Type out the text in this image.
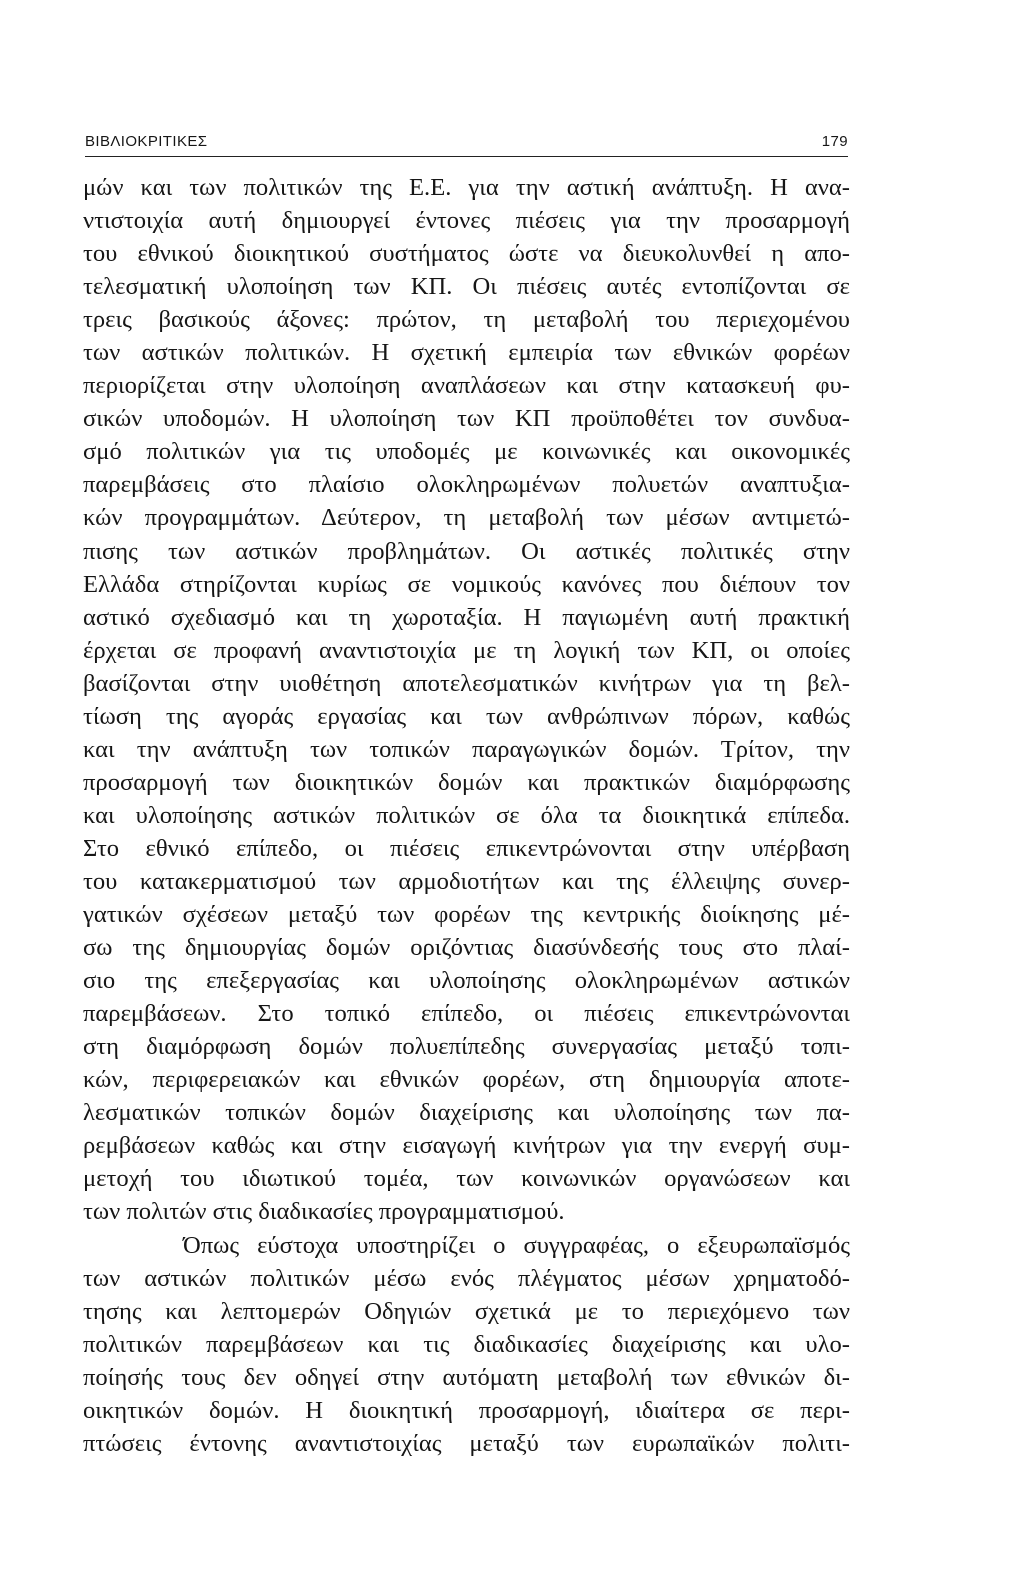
ΒΙΒΛΙΟΚΡΙΤΙΚΕΣ	179
μών και των πολιτικών της Ε.Ε. για την αστική ανάπτυξη. Η ανα-
ντιστοιχία αυτή δημιουργεί έντονες πιέσεις για την προσαρμογή
του εθνικού διοικητικού συστήματος ώστε να διευκολυνθεί η απο-
τελεσματική υλοποίηση των ΚΠ. Οι πιέσεις αυτές εντοπίζονται σε
τρεις βασικούς άξονες: πρώτον, τη μεταβολή του περιεχομένου
των αστικών πολιτικών. Η σχετική εμπειρία των εθνικών φορέων
περιορίζεται στην υλοποίηση αναπλάσεων και στην κατασκευή φυ-
σικών υποδομών. Η υλοποίηση των ΚΠ προϋποθέτει τον συνδυα-
σμό πολιτικών για τις υποδομές με κοινωνικές και οικονομικές
παρεμβάσεις στο πλαίσιο ολοκληρωμένων πολυετών αναπτυξια-
κών προγραμμάτων. Δεύτερον, τη μεταβολή των μέσων αντιμετώ-
πισης των αστικών προβλημάτων. Οι αστικές πολιτικές στην
Ελλάδα στηρίζονται κυρίως σε νομικούς κανόνες που διέπουν τον
αστικό σχεδιασμό και τη χωροταξία. Η παγιωμένη αυτή πρακτική
έρχεται σε προφανή αναντιστοιχία με τη λογική των ΚΠ, οι οποίες
βασίζονται στην υιοθέτηση αποτελεσματικών κινήτρων για τη βελ-
τίωση της αγοράς εργασίας και των ανθρώπινων πόρων, καθώς
και την ανάπτυξη των τοπικών παραγωγικών δομών. Τρίτον, την
προσαρμογή των διοικητικών δομών και πρακτικών διαμόρφωσης
και υλοποίησης αστικών πολιτικών σε όλα τα διοικητικά επίπεδα.
Στο εθνικό επίπεδο, οι πιέσεις επικεντρώνονται στην υπέρβαση
του κατακερματισμού των αρμοδιοτήτων και της έλλειψης συνερ-
γατικών σχέσεων μεταξύ των φορέων της κεντρικής διοίκησης μέ-
σω της δημιουργίας δομών οριζόντιας διασύνδεσής τους στο πλαί-
σιο της επεξεργασίας και υλοποίησης ολοκληρωμένων αστικών
παρεμβάσεων. Στο τοπικό επίπεδο, οι πιέσεις επικεντρώνονται
στη διαμόρφωση δομών πολυεπίπεδης συνεργασίας μεταξύ τοπι-
κών, περιφερειακών και εθνικών φορέων, στη δημιουργία αποτε-
λεσματικών τοπικών δομών διαχείρισης και υλοποίησης των πα-
ρεμβάσεων καθώς και στην εισαγωγή κινήτρων για την ενεργή συμ-
μετοχή του ιδιωτικού τομέα, των κοινωνικών οργανώσεων και
των πολιτών στις διαδικασίες προγραμματισμού.
Όπως εύστοχα υποστηρίζει ο συγγραφέας, ο εξευρωπαϊσμός
των αστικών πολιτικών μέσω ενός πλέγματος μέσων χρηματοδό-
τησης και λεπτομερών Οδηγιών σχετικά με το περιεχόμενο των
πολιτικών παρεμβάσεων και τις διαδικασίες διαχείρισης και υλο-
ποίησής τους δεν οδηγεί στην αυτόματη μεταβολή των εθνικών δι-
οικητικών δομών. Η διοικητική προσαρμογή, ιδιαίτερα σε περι-
πτώσεις έντονης αναντιστοιχίας μεταξύ των ευρωπαϊκών πολιτι-
